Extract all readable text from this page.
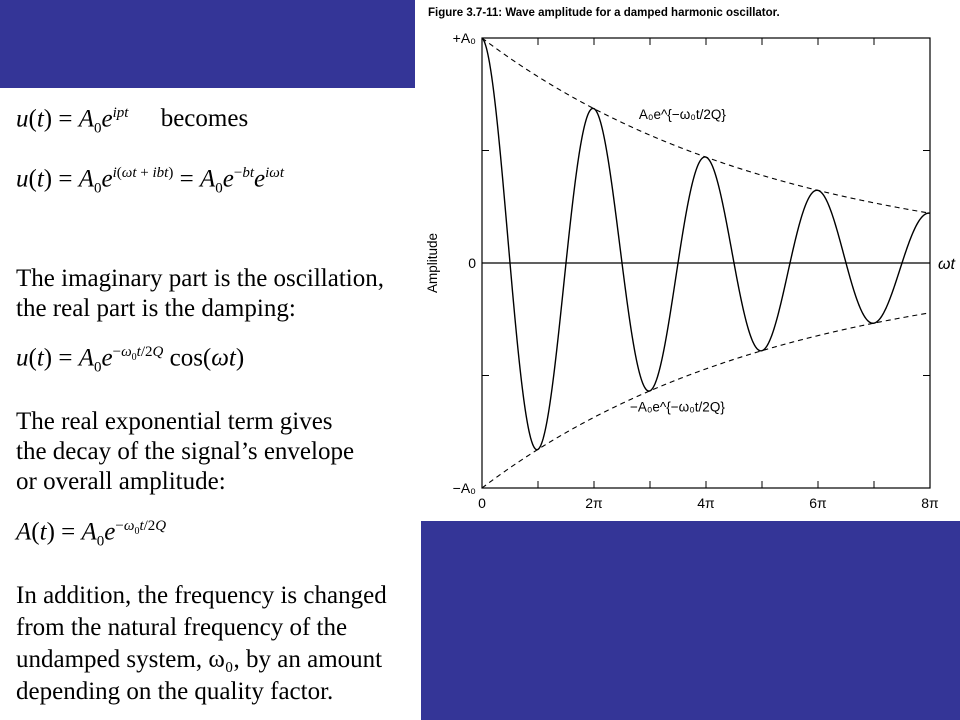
$u(t) = A_0e^{ipt}$ becomes
$u(t) = A_0e^{i(\omega t + ibt)} = A_0e^{-bt}e^{i\omega t}$
The imaginary part is the oscillation,
the real part is the damping:
$u(t) = A_0e^{-\omega_0t/2Q}$ cos(ωt)
The real exponential term gives
the decay of the signal’s envelope
or overall amplitude:
$A(t) = A_0e^{-\omega_0t/2Q}$
In addition, the frequency is changed
from the natural frequency of the
undamped system, ω₀, by an amount
depending on the quality factor.
Figure 3.7-11: Wave amplitude for a damped harmonic oscillator.
0	2π	4π	6π	8π
+A₀
0
−A₀
Amplitude	ωt
A₀e^{−ω₀t/2Q}
−A₀e^{−ω₀t/2Q}
